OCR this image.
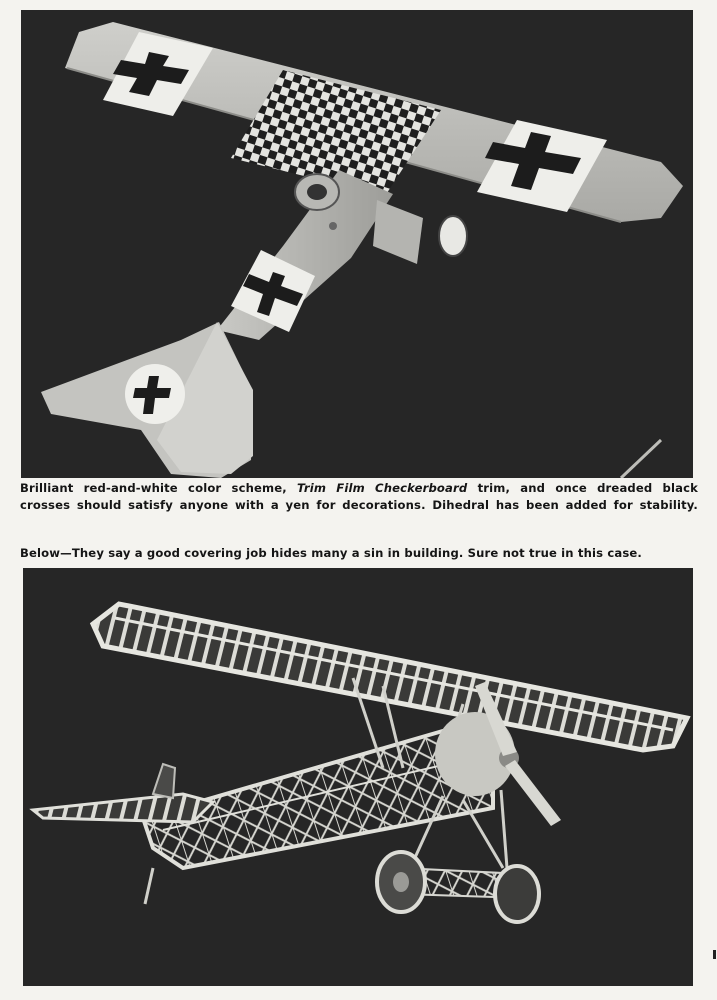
Brilliant red-and-white color scheme, Trim Film Checkerboard trim, and once dreaded black
crosses should satisfy anyone with a yen for decorations. Dihedral has been added for stability.
Below—They say a good covering job hides many a sin in building. Sure not true in this case.
